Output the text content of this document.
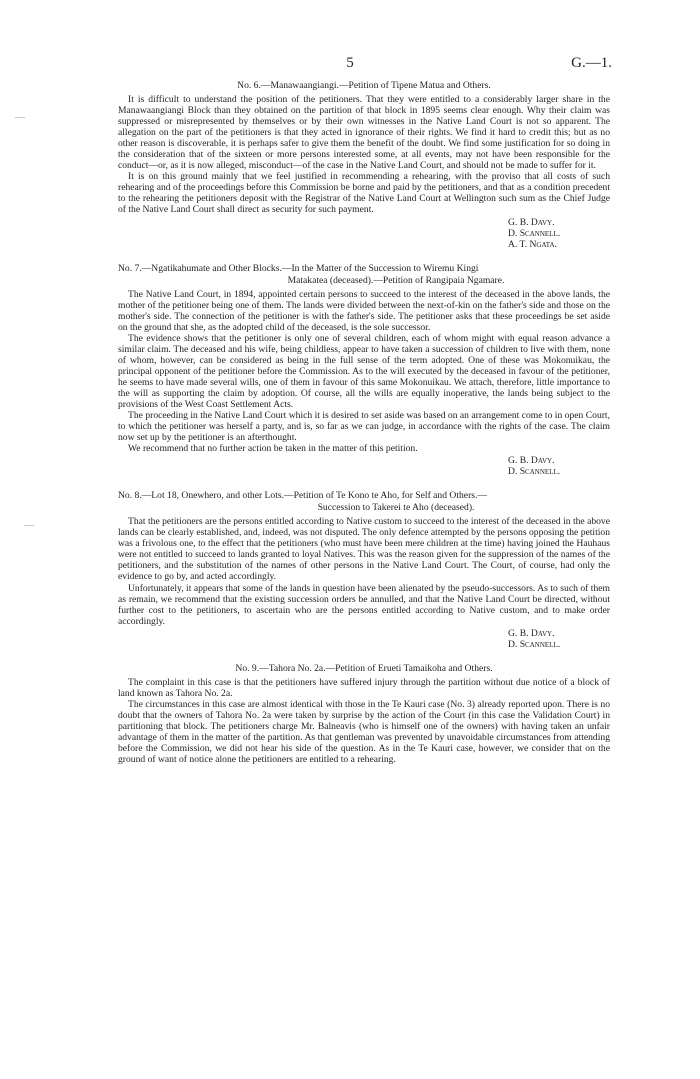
5	G.—1.
—
—
No. 6.—Manawaangiangi.—Petition of Tipene Matua and Others.

It is difficult to understand the position of the petitioners. That they were entitled to a considerably larger share in the Manawaangiangi Block than they obtained on the partition of that block in 1895 seems clear enough. Why their claim was suppressed or misrepresented by themselves or by their own witnesses in the Native Land Court is not so apparent. The allegation on the part of the petitioners is that they acted in ignorance of their rights. We find it hard to credit this; but as no other reason is discoverable, it is perhaps safer to give them the benefit of the doubt. We find some justification for so doing in the consideration that of the sixteen or more persons interested some, at all events, may not have been responsible for the conduct—or, as it is now alleged, misconduct—of the case in the Native Land Court, and should not be made to suffer for it.

It is on this ground mainly that we feel justified in recommending a rehearing, with the proviso that all costs of such rehearing and of the proceedings before this Commission be borne and paid by the petitioners, and that as a condition precedent to the rehearing the petitioners deposit with the Registrar of the Native Land Court at Wellington such sum as the Chief Judge of the Native Land Court shall direct as security for such payment.

G. B. Davy.
D. Scannell.
A. T. Ngata.
No. 7.—Ngatikahumate and Other Blocks.—In the Matter of the Succession to Wiremu Kingi
Matakatea (deceased).—Petition of Rangipaia Ngamare.

The Native Land Court, in 1894, appointed certain persons to succeed to the interest of the deceased in the above lands, the mother of the petitioner being one of them. The lands were divided between the next-of-kin on the father's side and those on the mother's side. The connection of the petitioner is with the father's side. The petitioner asks that these proceedings be set aside on the ground that she, as the adopted child of the deceased, is the sole successor.

The evidence shows that the petitioner is only one of several children, each of whom might with equal reason advance a similar claim. The deceased and his wife, being childless, appear to have taken a succession of children to live with them, none of whom, however, can be considered as being in the full sense of the term adopted. One of these was Mokonuikau, the principal opponent of the petitioner before the Commission. As to the will executed by the deceased in favour of the petitioner, he seems to have made several wills, one of them in favour of this same Mokonuikau. We attach, therefore, little importance to the will as supporting the claim by adoption. Of course, all the wills are equally inoperative, the lands being subject to the provisions of the West Coast Settlement Acts.

The proceeding in the Native Land Court which it is desired to set aside was based on an arrangement come to in open Court, to which the petitioner was herself a party, and is, so far as we can judge, in accordance with the rights of the case. The claim now set up by the petitioner is an afterthought.

We recommend that no further action be taken in the matter of this petition.

G. B. Davy.
D. Scannell.
No. 8.—Lot 18, Onewhero, and other Lots.—Petition of Te Kono te Aho, for Self and Others.—
Succession to Takerei te Aho (deceased).

That the petitioners are the persons entitled according to Native custom to succeed to the interest of the deceased in the above lands can be clearly established, and, indeed, was not disputed. The only defence attempted by the persons opposing the petition was a frivolous one, to the effect that the petitioners (who must have been mere children at the time) having joined the Hauhaus were not entitled to succeed to lands granted to loyal Natives. This was the reason given for the suppression of the names of the petitioners, and the substitution of the names of other persons in the Native Land Court. The Court, of course, had only the evidence to go by, and acted accordingly.

Unfortunately, it appears that some of the lands in question have been alienated by the pseudo-successors. As to such of them as remain, we recommend that the existing succession orders be annulled, and that the Native Land Court be directed, without further cost to the petitioners, to ascertain who are the persons entitled according to Native custom, and to make order accordingly.

G. B. Davy.
D. Scannell.
No. 9.—Tahora No. 2a.—Petition of Erueti Tamaikoha and Others.

The complaint in this case is that the petitioners have suffered injury through the partition without due notice of a block of land known as Tahora No. 2a.

The circumstances in this case are almost identical with those in the Te Kauri case (No. 3) already reported upon. There is no doubt that the owners of Tahora No. 2a were taken by surprise by the action of the Court (in this case the Validation Court) in partitioning that block. The petitioners charge Mr. Balneavis (who is himself one of the owners) with having taken an unfair advantage of them in the matter of the partition. As that gentleman was prevented by unavoidable circumstances from attending before the Commission, we did not hear his side of the question. As in the Te Kauri case, however, we consider that on the ground of want of notice alone the petitioners are entitled to a rehearing.
